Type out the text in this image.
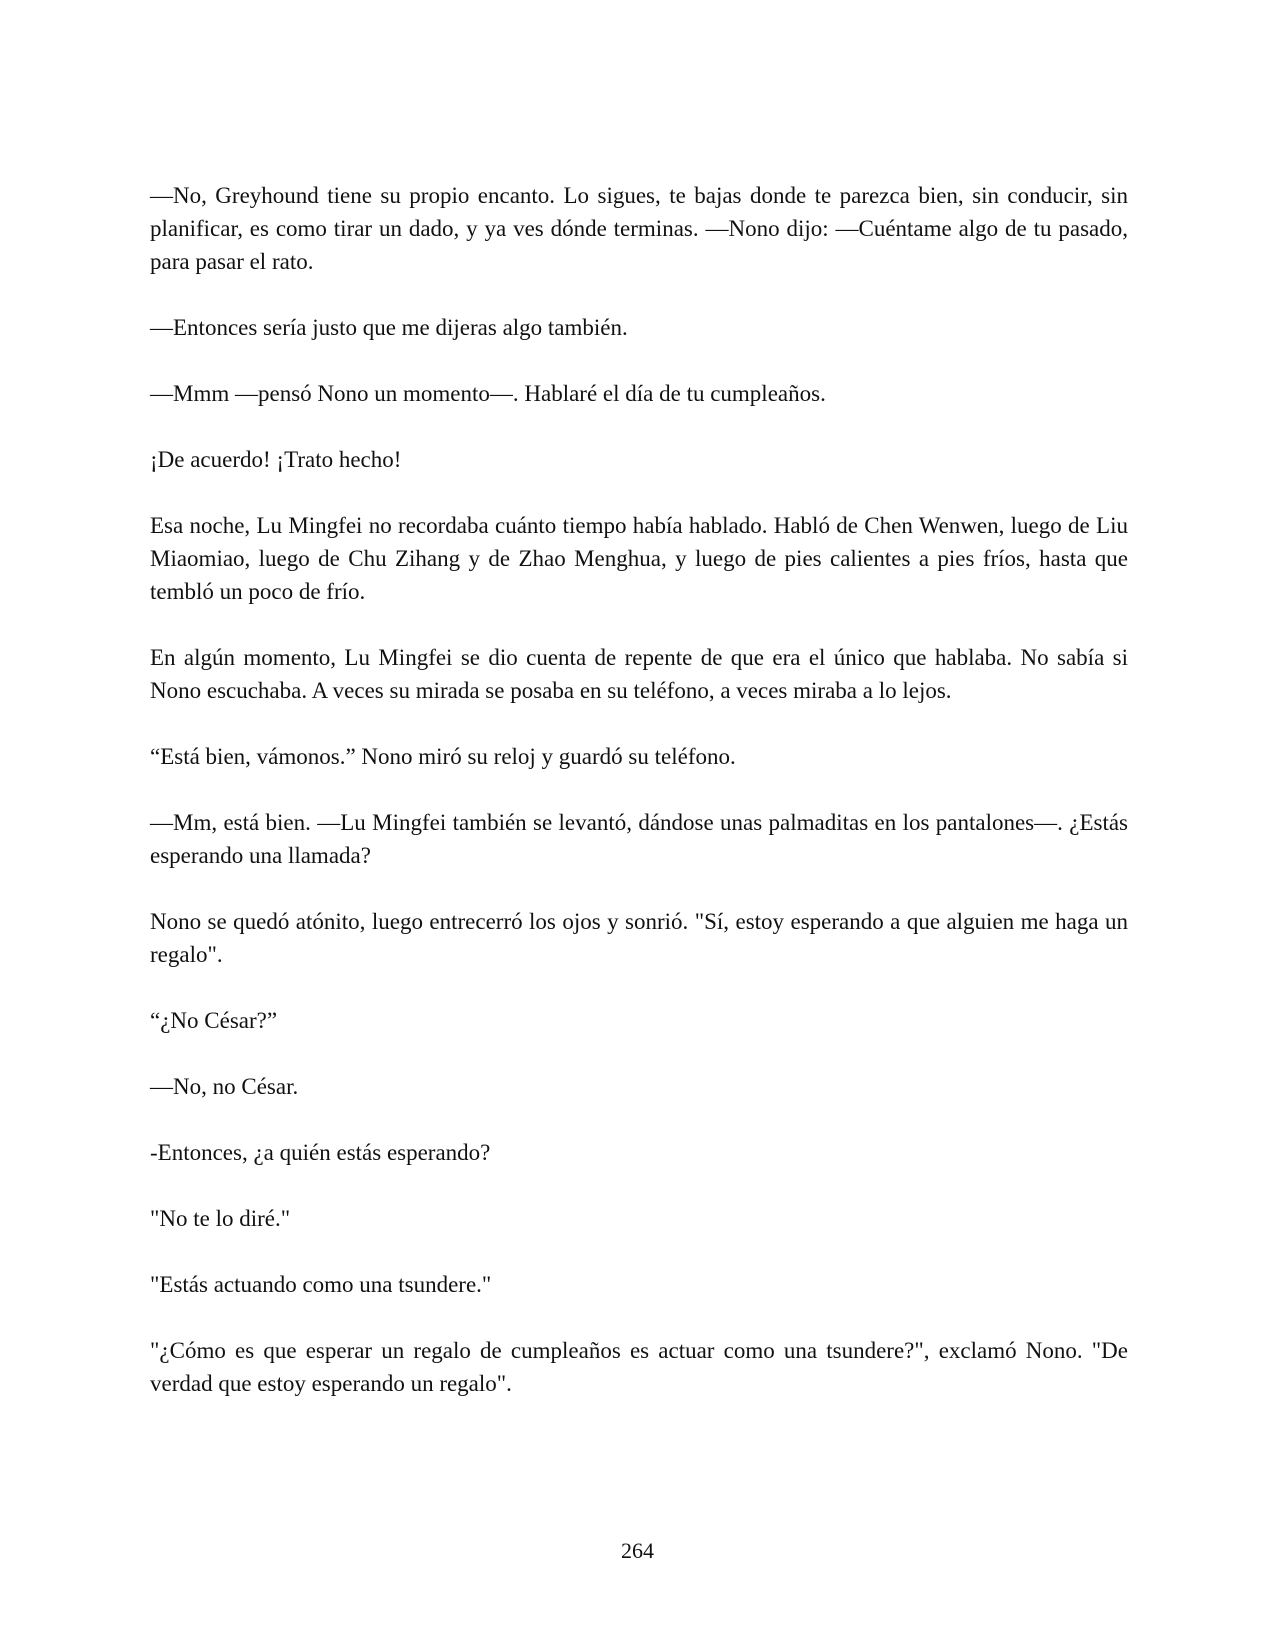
—No, Greyhound tiene su propio encanto. Lo sigues, te bajas donde te parezca bien, sin conducir, sin planificar, es como tirar un dado, y ya ves dónde terminas. —Nono dijo: —Cuéntame algo de tu pasado, para pasar el rato.

—Entonces sería justo que me dijeras algo también.

—Mmm —pensó Nono un momento—. Hablaré el día de tu cumpleaños.

¡De acuerdo! ¡Trato hecho!

Esa noche, Lu Mingfei no recordaba cuánto tiempo había hablado. Habló de Chen Wenwen, luego de Liu Miaomiao, luego de Chu Zihang y de Zhao Menghua, y luego de pies calientes a pies fríos, hasta que tembló un poco de frío.

En algún momento, Lu Mingfei se dio cuenta de repente de que era el único que hablaba. No sabía si Nono escuchaba. A veces su mirada se posaba en su teléfono, a veces miraba a lo lejos.

“Está bien, vámonos.” Nono miró su reloj y guardó su teléfono.

—Mm, está bien. —Lu Mingfei también se levantó, dándose unas palmaditas en los pantalones—. ¿Estás esperando una llamada?

Nono se quedó atónito, luego entrecerró los ojos y sonrió. "Sí, estoy esperando a que alguien me haga un regalo".

“¿No César?”

—No, no César.

-Entonces, ¿a quién estás esperando?

"No te lo diré."

"Estás actuando como una tsundere."

"¿Cómo es que esperar un regalo de cumpleaños es actuar como una tsundere?", exclamó Nono. "De verdad que estoy esperando un regalo".

264
